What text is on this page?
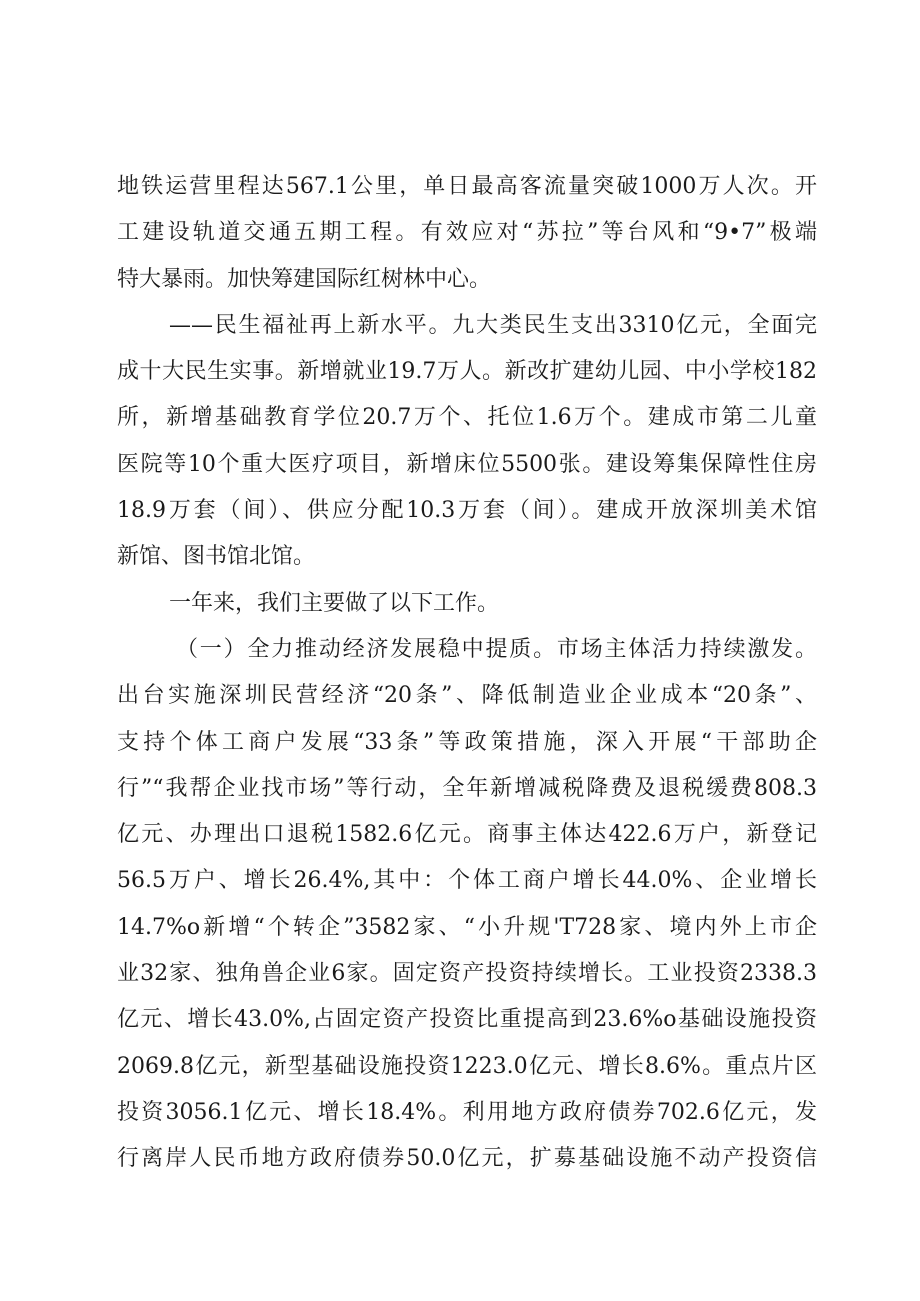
地铁运营里程达567.1公里，单日最高客流量突破1000万人次。开
工建设轨道交通五期工程。有效应对“苏拉”等台风和“9•7”极端
特大暴雨。加快筹建国际红树林中心。
——民生福祉再上新水平。九大类民生支出3310亿元，全面完
成十大民生实事。新增就业19.7万人。新改扩建幼儿园、中小学校182
所，新增基础教育学位20.7万个、托位1.6万个。建成市第二儿童
医院等10个重大医疗项目，新增床位5500张。建设筹集保障性住房
18.9万套（间）、供应分配10.3万套（间）。建成开放深圳美术馆
新馆、图书馆北馆。
一年来，我们主要做了以下工作。
（一）全力推动经济发展稳中提质。市场主体活力持续激发。
出台实施深圳民营经济“20条”、降低制造业企业成本“20条”、
支持个体工商户发展“33条”等政策措施，深入开展“干部助企
行”“我帮企业找市场”等行动，全年新增减税降费及退税缓费808.3
亿元、办理出口退税1582.6亿元。商事主体达422.6万户，新登记
56.5万户、增长26.4%,其中：个体工商户增长44.0%、企业增长
14.7%o新增“个转企”3582家、“小升规'T728家、境内外上市企
业32家、独角兽企业6家。固定资产投资持续增长。工业投资2338.3
亿元、增长43.0%,占固定资产投资比重提高到23.6%o基础设施投资
2069.8亿元，新型基础设施投资1223.0亿元、增长8.6%。重点片区
投资3056.1亿元、增长18.4%。利用地方政府债券702.6亿元，发
行离岸人民币地方政府债券50.0亿元，扩募基础设施不动产投资信
